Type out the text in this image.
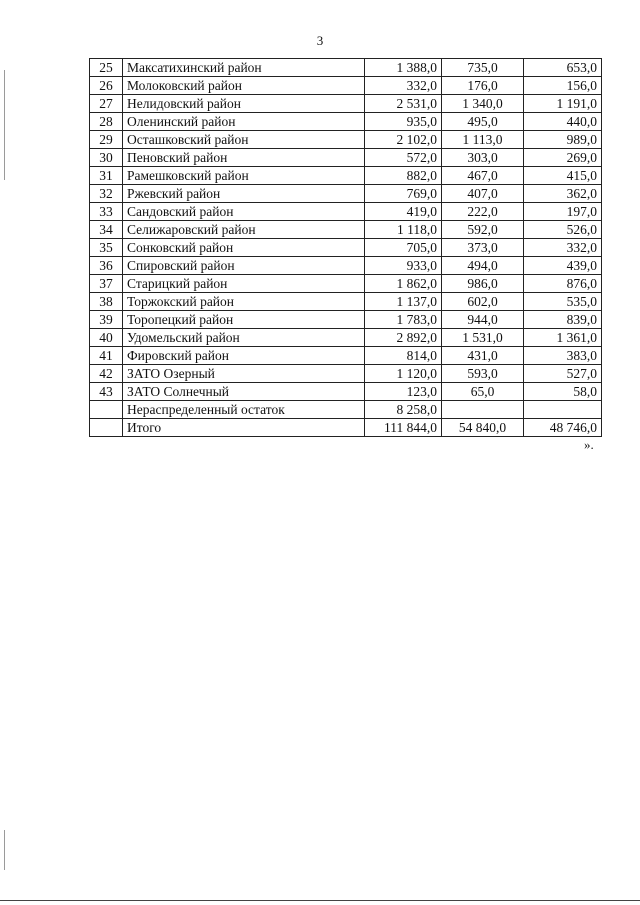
3
25	Максатихинский район	1 388,0	735,0	653,0
26	Молоковский район	332,0	176,0	156,0
27	Нелидовский район	2 531,0	1 340,0	1 191,0
28	Оленинский район	935,0	495,0	440,0
29	Осташковский район	2 102,0	1 113,0	989,0
30	Пеновский район	572,0	303,0	269,0
31	Рамешковский район	882,0	467,0	415,0
32	Ржевский район	769,0	407,0	362,0
33	Сандовский район	419,0	222,0	197,0
34	Селижаровский район	1 118,0	592,0	526,0
35	Сонковский район	705,0	373,0	332,0
36	Спировский район	933,0	494,0	439,0
37	Старицкий район	1 862,0	986,0	876,0
38	Торжокский район	1 137,0	602,0	535,0
39	Торопецкий район	1 783,0	944,0	839,0
40	Удомельский район	2 892,0	1 531,0	1 361,0
41	Фировский район	814,0	431,0	383,0
42	ЗАТО Озерный	1 120,0	593,0	527,0
43	ЗАТО Солнечный	123,0	65,0	58,0
	Нераспределенный остаток	8 258,0		
	Итого	111 844,0	54 840,0	48 746,0
».
